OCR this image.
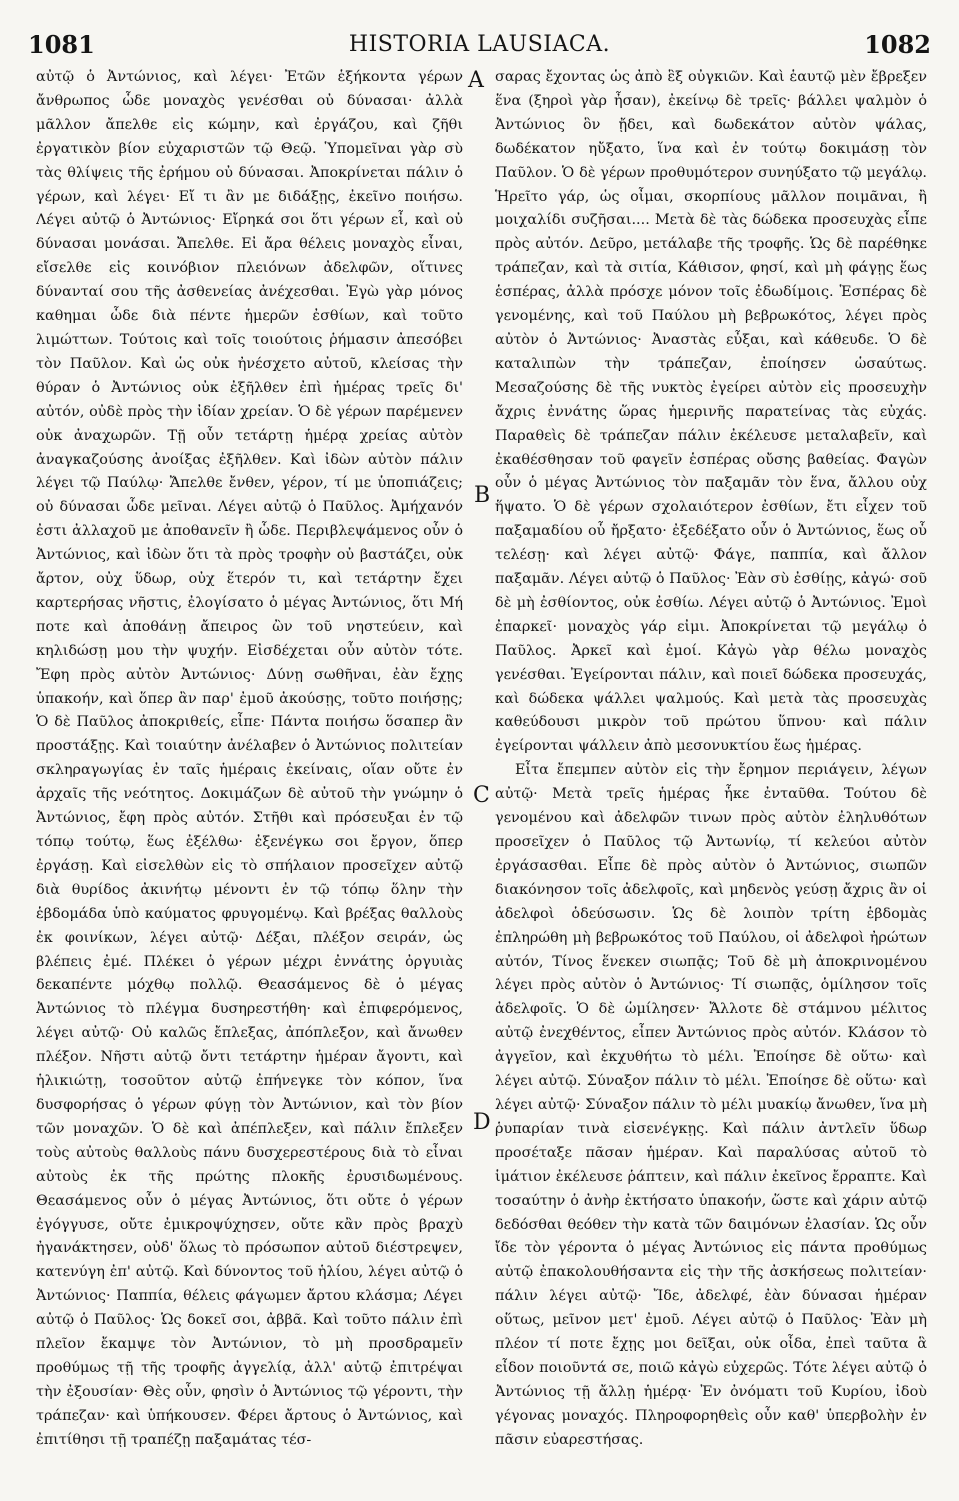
1081	HISTORIA LAUSIACA.	1082

αὐτῷ ὁ Ἀντώνιος, καὶ λέγει· Ἐτῶν ἑξήκοντα γέρων ἄνθρωπος ὧδε μοναχὸς γενέσθαι οὐ δύνασαι· ἀλλὰ μᾶλλον ἄπελθε εἰς κώμην, καὶ ἐργάζου, καὶ ζῆθι ἐργατικὸν βίον εὐχαριστῶν τῷ Θεῷ. Ὑπομεῖναι γὰρ σὺ τὰς θλίψεις τῆς ἐρήμου οὐ δύνασαι. Ἀποκρίνεται πάλιν ὁ γέρων, καὶ λέγει· Εἴ τι ἂν με διδάξῃς, ἐκεῖνο ποιήσω. Λέγει αὐτῷ ὁ Ἀντώνιος· Εἴρηκά σοι ὅτι γέρων εἶ, καὶ οὐ δύνασαι μονάσαι. Ἄπελθε. Εἰ ἄρα θέλεις μοναχὸς εἶναι, εἴσελθε εἰς κοινόβιον πλειόνων ἀδελφῶν, οἵτινες δύνανταί σου τῆς ἀσθενείας ἀνέχεσθαι. Ἐγὼ γὰρ μόνος καθημαι ὧδε διὰ πέντε ἡμερῶν ἐσθίων, καὶ τοῦτο λιμώττων. Τούτοις καὶ τοῖς τοιούτοις ῥήμασιν ἀπεσόβει τὸν Παῦλον. Καὶ ὡς οὐκ ἠνέσχετο αὐτοῦ, κλείσας τὴν θύραν ὁ Ἀντώνιος οὐκ ἐξῆλθεν ἐπὶ ἡμέρας τρεῖς δι' αὐτόν, οὐδὲ πρὸς τὴν ἰδίαν χρείαν. Ὁ δὲ γέρων παρέμενεν οὐκ ἀναχωρῶν. Τῇ οὖν τετάρτῃ ἡμέρᾳ χρείας αὐτὸν ἀναγκαζούσης ἀνοίξας ἐξῆλθεν. Καὶ ἰδὼν αὐτὸν πάλιν λέγει τῷ Παύλῳ· Ἄπελθε ἔνθεν, γέρον, τί με ὑποπιάζεις; οὐ δύνασαι ὧδε μεῖναι. Λέγει αὐτῷ ὁ Παῦλος. Ἀμήχανόν ἐστι ἀλλαχοῦ με ἀποθανεῖν ἢ ὧδε. Περιβλεψάμενος οὖν ὁ Ἀντώνιος, καὶ ἰδὼν ὅτι τὰ πρὸς τροφὴν οὐ βαστάζει, οὐκ ἄρτον, οὐχ ὕδωρ, οὐχ ἕτερόν τι, καὶ τετάρτην ἔχει καρτερήσας νῆστις, ἐλογίσατο ὁ μέγας Ἀντώνιος, ὅτι Μή ποτε καὶ ἀποθάνῃ ἄπειρος ὢν τοῦ νηστεύειν, καὶ κηλιδώσῃ μου τὴν ψυχήν. Εἰσδέχεται οὖν αὐτὸν τότε. Ἔφη πρὸς αὐτὸν Ἀντώνιος· Δύνῃ σωθῆναι, ἐὰν ἔχῃς ὑπακοήν, καὶ ὅπερ ἂν παρ' ἐμοῦ ἀκούσῃς, τοῦτο ποιήσῃς; Ὁ δὲ Παῦλος ἀποκριθείς, εἶπε· Πάντα ποιήσω ὅσαπερ ἂν προστάξῃς. Καὶ τοιαύτην ἀνέλαβεν ὁ Ἀντώνιος πολιτείαν σκληραγωγίας ἐν ταῖς ἡμέραις ἐκείναις, οἵαν οὔτε ἐν ἀρχαῖς τῆς νεότητος. Δοκιμάζων δὲ αὐτοῦ τὴν γνώμην ὁ Ἀντώνιος, ἔφη πρὸς αὐτόν. Στῆθι καὶ πρόσευξαι ἐν τῷ τόπῳ τούτῳ, ἕως ἐξέλθω· ἐξενέγκω σοι ἔργον, ὅπερ ἐργάσῃ. Καὶ εἰσελθὼν εἰς τὸ σπήλαιον προσεῖχεν αὐτῷ διὰ θυρίδος ἀκινήτῳ μένοντι ἐν τῷ τόπῳ ὅλην τὴν ἑβδομάδα ὑπὸ καύματος φρυγομένῳ. Καὶ βρέξας θαλλοὺς ἐκ φοινίκων, λέγει αὐτῷ· Δέξαι, πλέξον σειράν, ὡς βλέπεις ἐμέ. Πλέκει ὁ γέρων μέχρι ἐννάτης ὀργυιὰς δεκαπέντε μόχθῳ πολλῷ. Θεασάμενος δὲ ὁ μέγας Ἀντώνιος τὸ πλέγμα δυσηρεστήθη· καὶ ἐπιφερόμενος, λέγει αὐτῷ· Οὐ καλῶς ἔπλεξας, ἀπόπλεξον, καὶ ἄνωθεν πλέξον. Νῆστι αὐτῷ ὄντι τετάρτην ἡμέραν ἄγοντι, καὶ ἡλικιώτῃ, τοσοῦτον αὐτῷ ἐπήνεγκε τὸν κόπον, ἵνα δυσφορήσας ὁ γέρων φύγῃ τὸν Ἀντώνιον, καὶ τὸν βίον τῶν μοναχῶν. Ὁ δὲ καὶ ἀπέπλεξεν, καὶ πάλιν ἔπλεξεν τοὺς αὐτοὺς θαλλοὺς πάνυ δυσχερεστέρους διὰ τὸ εἶναι αὐτοὺς ἐκ τῆς πρώτης πλοκῆς ἐρυσιδωμένους. Θεασάμενος οὖν ὁ μέγας Ἀντώνιος, ὅτι οὔτε ὁ γέρων ἐγόγγυσε, οὔτε ἐμικροψύχησεν, οὔτε κἂν πρὸς βραχὺ ἠγανάκτησεν, οὐδ' ὅλως τὸ πρόσωπον αὐτοῦ διέστρεψεν, κατενύγη ἐπ' αὐτῷ. Καὶ δύνοντος τοῦ ἡλίου, λέγει αὐτῷ ὁ Ἀντώνιος· Παππία, θέλεις φάγωμεν ἄρτου κλάσμα; Λέγει αὐτῷ ὁ Παῦλος· Ὡς δοκεῖ σοι, ἀββᾶ. Καὶ τοῦτο πάλιν ἐπὶ πλεῖον ἔκαμψε τὸν Ἀντώνιον, τὸ μὴ προσδραμεῖν προθύμως τῇ τῆς τροφῆς ἀγγελίᾳ, ἀλλ' αὐτῷ ἐπιτρέψαι τὴν ἐξουσίαν· Θὲς οὖν, φησὶν ὁ Ἀντώνιος τῷ γέροντι, τὴν τράπεζαν· καὶ ὑπήκουσεν. Φέρει ἄρτους ὁ Ἀντώνιος, καὶ ἐπιτίθησι τῇ τραπέζῃ παξαμάτας τέσ-

σαρας ἔχοντας ὡς ἀπὸ ἓξ οὐγκιῶν. Καὶ ἑαυτῷ μὲν ἔβρεξεν ἕνα (ξηροὶ γὰρ ἦσαν), ἐκείνῳ δὲ τρεῖς· βάλλει ψαλμὸν ὁ Ἀντώνιος ὃν ᾔδει, καὶ δωδεκάτον αὐτὸν ψάλας, δωδέκατον ηὔξατο, ἵνα καὶ ἐν τούτῳ δοκιμάσῃ τὸν Παῦλον. Ὁ δὲ γέρων προθυμότερον συνηύξατο τῷ μεγάλῳ. Ἡρεῖτο γάρ, ὡς οἶμαι, σκορπίους μᾶλλον ποιμᾶναι, ἢ μοιχαλίδι συζῆσαι.... Μετὰ δὲ τὰς δώδεκα προσευχὰς εἶπε πρὸς αὐτόν. Δεῦρο, μετάλαβε τῆς τροφῆς. Ὡς δὲ παρέθηκε τράπεζαν, καὶ τὰ σιτία, Κάθισον, φησί, καὶ μὴ φάγῃς ἕως ἑσπέρας, ἀλλὰ πρόσχε μόνον τοῖς ἐδωδίμοις. Ἑσπέρας δὲ γενομένης, καὶ τοῦ Παύλου μὴ βεβρωκότος, λέγει πρὸς αὐτὸν ὁ Ἀντώνιος· Ἀναστὰς εὖξαι, καὶ κάθευδε. Ὁ δὲ καταλιπὼν τὴν τράπεζαν, ἐποίησεν ὡσαύτως. Μεσαζούσης δὲ τῆς νυκτὸς ἐγείρει αὐτὸν εἰς προσευχὴν ἄχρις ἐννάτης ὥρας ἡμερινῆς παρατείνας τὰς εὐχάς. Παραθεὶς δὲ τράπεζαν πάλιν ἐκέλευσε μεταλαβεῖν, καὶ ἐκαθέσθησαν τοῦ φαγεῖν ἑσπέρας οὔσης βαθείας. Φαγὼν οὖν ὁ μέγας Ἀντώνιος τὸν παξαμᾶν τὸν ἕνα, ἄλλου οὐχ ἥψατο. Ὁ δὲ γέρων σχολαιότερον ἐσθίων, ἔτι εἶχεν τοῦ παξαμαδίου οὗ ἤρξατο· ἐξεδέξατο οὖν ὁ Ἀντώνιος, ἕως οὗ τελέσῃ· καὶ λέγει αὐτῷ· Φάγε, παππία, καὶ ἄλλον παξαμᾶν. Λέγει αὐτῷ ὁ Παῦλος· Ἐὰν σὺ ἐσθίῃς, κἀγώ· σοῦ δὲ μὴ ἐσθίοντος, οὐκ ἐσθίω. Λέγει αὐτῷ ὁ Ἀντώνιος. Ἐμοὶ ἐπαρκεῖ· μοναχὸς γάρ εἰμι. Ἀποκρίνεται τῷ μεγάλῳ ὁ Παῦλος. Ἀρκεῖ καὶ ἐμοί. Κἀγὼ γὰρ θέλω μοναχὸς γενέσθαι. Ἐγείρονται πάλιν, καὶ ποιεῖ δώδεκα προσευχάς, καὶ δώδεκα ψάλλει ψαλμούς. Καὶ μετὰ τὰς προσευχὰς καθεύδουσι μικρὸν τοῦ πρώτου ὕπνου· καὶ πάλιν ἐγείρονται ψάλλειν ἀπὸ μεσονυκτίου ἕως ἡμέρας.

Εἶτα ἔπεμπεν αὐτὸν εἰς τὴν ἔρημον περιάγειν, λέγων αὐτῷ· Μετὰ τρεῖς ἡμέρας ἧκε ἐνταῦθα. Τούτου δὲ γενομένου καὶ ἀδελφῶν τινων πρὸς αὐτὸν ἐληλυθότων προσεῖχεν ὁ Παῦλος τῷ Ἀντωνίῳ, τί κελεύοι αὐτὸν ἐργάσασθαι. Εἶπε δὲ πρὸς αὐτὸν ὁ Ἀντώνιος, σιωπῶν διακόνησον τοῖς ἀδελφοῖς, καὶ μηδενὸς γεύσῃ ἄχρις ἂν οἱ ἀδελφοὶ ὁδεύσωσιν. Ὡς δὲ λοιπὸν τρίτη ἑβδομὰς ἐπληρώθη μὴ βεβρωκότος τοῦ Παύλου, οἱ ἀδελφοὶ ἠρώτων αὐτόν, Τίνος ἕνεκεν σιωπᾷς; Τοῦ δὲ μὴ ἀποκρινομένου λέγει πρὸς αὐτὸν ὁ Ἀντώνιος· Τί σιωπᾷς, ὁμίλησον τοῖς ἀδελφοῖς. Ὁ δὲ ὡμίλησεν· Ἄλλοτε δὲ στάμνου μέλιτος αὐτῷ ἐνεχθέντος, εἶπεν Ἀντώνιος πρὸς αὐτόν. Κλάσον τὸ ἀγγεῖον, καὶ ἐκχυθήτω τὸ μέλι. Ἐποίησε δὲ οὕτω· καὶ λέγει αὐτῷ. Σύναξον πάλιν τὸ μέλι. Ἐποίησε δὲ οὕτω· καὶ λέγει αὐτῷ· Σύναξον πάλιν τὸ μέλι μυακίῳ ἄνωθεν, ἵνα μὴ ῥυπαρίαν τινὰ εἰσενέγκῃς. Καὶ πάλιν ἀντλεῖν ὕδωρ προσέταξε πᾶσαν ἡμέραν. Καὶ παραλύσας αὐτοῦ τὸ ἱμάτιον ἐκέλευσε ῥάπτειν, καὶ πάλιν ἐκεῖνος ἔρραπτε. Καὶ τοσαύτην ὁ ἀνὴρ ἐκτήσατο ὑπακοήν, ὥστε καὶ χάριν αὐτῷ δεδόσθαι θεόθεν τὴν κατὰ τῶν δαιμόνων ἐλασίαν. Ὡς οὖν ἴδε τὸν γέροντα ὁ μέγας Ἀντώνιος εἰς πάντα προθύμως αὐτῷ ἐπακολουθήσαντα εἰς τὴν τῆς ἀσκήσεως πολιτείαν· πάλιν λέγει αὐτῷ· Ἴδε, ἀδελφέ, ἐὰν δύνασαι ἡμέραν οὕτως, μεῖνον μετ' ἐμοῦ. Λέγει αὐτῷ ὁ Παῦλος· Ἐὰν μὴ πλέον τί ποτε ἔχῃς μοι δεῖξαι, οὐκ οἶδα, ἐπεὶ ταῦτα ἃ εἶδον ποιοῦντά σε, ποιῶ κἀγὼ εὐχερῶς. Τότε λέγει αὐτῷ ὁ Ἀντώνιος τῇ ἄλλῃ ἡμέρᾳ· Ἐν ὀνόματι τοῦ Κυρίου, ἰδοὺ γέγονας μοναχός. Πληροφορηθεὶς οὖν καθ' ὑπερβολὴν ἐν πᾶσιν εὐαρεστήσας.

A
B
C
D
